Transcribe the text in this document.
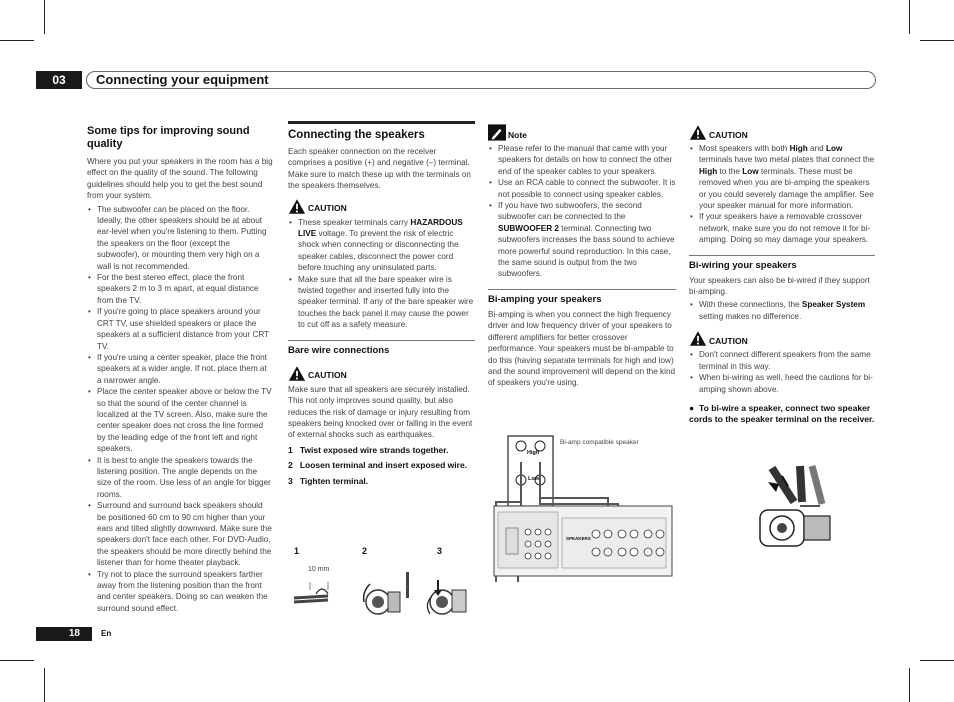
03	Connecting your equipment
18	En
Some tips for improving sound quality

Where you put your speakers in the room has a big effect on the quality of the sound. The following guidelines should help you to get the best sound from your system.

• The subwoofer can be placed on the floor. Ideally, the other speakers should be at about ear-level when you're listening to them. Putting the speakers on the floor (except the subwoofer), or mounting them very high on a wall is not recommended.
• For the best stereo effect, place the front speakers 2 m to 3 m apart, at equal distance from the TV.
• If you're going to place speakers around your CRT TV, use shielded speakers or place the speakers at a sufficient distance from your CRT TV.
• If you're using a center speaker, place the front speakers at a wider angle. If not, place them at a narrower angle.
• Place the center speaker above or below the TV so that the sound of the center channel is localized at the TV screen. Also, make sure the center speaker does not cross the line formed by the leading edge of the front left and right speakers.
• It is best to angle the speakers towards the listening position. The angle depends on the size of the room. Use less of an angle for bigger rooms.
• Surround and surround back speakers should be positioned 60 cm to 90 cm higher than your ears and tilted slightly downward. Make sure the speakers don't face each other. For DVD-Audio, the speakers should be more directly behind the listener than for home theater playback.
• Try not to place the surround speakers farther away from the listening position than the front and center speakers. Doing so can weaken the surround sound effect.
Connecting the speakers

Each speaker connection on the receiver comprises a positive (+) and negative (–) terminal. Make sure to match these up with the terminals on the speakers themselves.

CAUTION
• These speaker terminals carry HAZARDOUS LIVE voltage. To prevent the risk of electric shock when connecting or disconnecting the speaker cables, disconnect the power cord before touching any uninsulated parts.
• Make sure that all the bare speaker wire is twisted together and inserted fully into the speaker terminal. If any of the bare speaker wire touches the back panel it may cause the power to cut off as a safety measure.
Bare wire connections
CAUTION

Make sure that all speakers are securely installed. This not only improves sound quality, but also reduces the risk of damage or injury resulting from speakers being knocked over or falling in the event of external shocks such as earthquakes.

1 Twist exposed wire strands together.
2 Loosen terminal and insert exposed wire.
3 Tighten terminal.
1	2	3
10 mm
Note
• Please refer to the manual that came with your speakers for details on how to connect the other end of the speaker cables to your speakers.
• Use an RCA cable to connect the subwoofer. It is not possible to connect using speaker cables.
• If you have two subwoofers, the second subwoofer can be connected to the SUBWOOFER 2 terminal. Connecting two subwoofers increases the bass sound to achieve more powerful sound reproduction. In this case, the same sound is output from the two subwoofers.
Bi-amping your speakers

Bi-amping is when you connect the high frequency driver and low frequency driver of your speakers to different amplifiers for better crossover performance. Your speakers must be bi-ampable to do this (having separate terminals for high and low) and the sound improvement will depend on the kind of speakers you're using.

Bi-amp compatible speaker
High
Low
SPEAKERS
CAUTION
• Most speakers with both High and Low terminals have two metal plates that connect the High to the Low terminals. These must be removed when you are bi-amping the speakers or you could severely damage the amplifier. See your speaker manual for more information.
• If your speakers have a removable crossover network, make sure you do not remove it for bi-amping. Doing so may damage your speakers.
Bi-wiring your speakers

Your speakers can also be bi-wired if they support bi-amping.

• With these connections, the Speaker System setting makes no difference.
CAUTION
• Don't connect different speakers from the same terminal in this way.
• When bi-wiring as well, heed the cautions for bi-amping shown above.
●  To bi-wire a speaker, connect two speaker cords to the speaker terminal on the receiver.
